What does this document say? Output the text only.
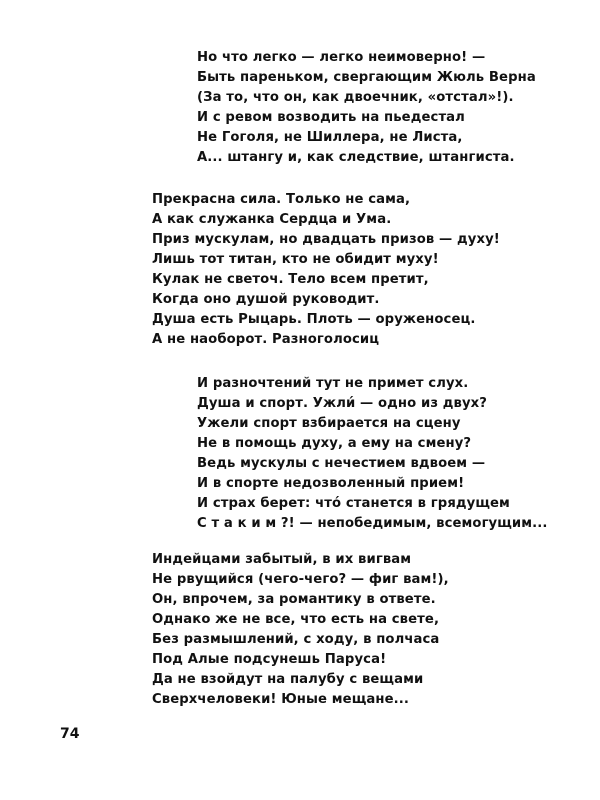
Но что легко — легко неимоверно! —
Быть пареньком, свергающим Жюль Верна
(За то, что он, как двоечник, «отстал»!).
И с ревом возводить на пьедестал
Не Гоголя, не Шиллера, не Листа,
А... штангу и, как следствие, штангиста.
Прекрасна сила. Только не сама,
А как служанка Сердца и Ума.
Приз мускулам, но двадцать призов — духу!
Лишь тот титан, кто не обидит муху!
Кулак не светоч. Тело всем претит,
Когда оно душой руководит.
Душа есть Рыцарь. Плоть — оруженосец.
А не наоборот. Разноголосиц
И разночтений тут не примет слух.
Душа и спорт. Ужли́ — одно из двух?
Ужели спорт взбирается на сцену
Не в помощь духу, а ему на смену?
Ведь мускулы с нечестием вдвоем —
И в спорте недозволенный прием!
И страх берет: что́ станется в грядущем
С т а к и м ?! — непобедимым, всемогущим...
Индейцами забытый, в их вигвам
Не рвущийся (чего-чего? — фиг вам!),
Он, впрочем, за романтику в ответе.
Однако же не все, что есть на свете,
Без размышлений, с ходу, в полчаса
Под Алые подсунешь Паруса!
Да не взойдут на палубу с вещами
Сверхчеловеки! Юные мещане...
74
